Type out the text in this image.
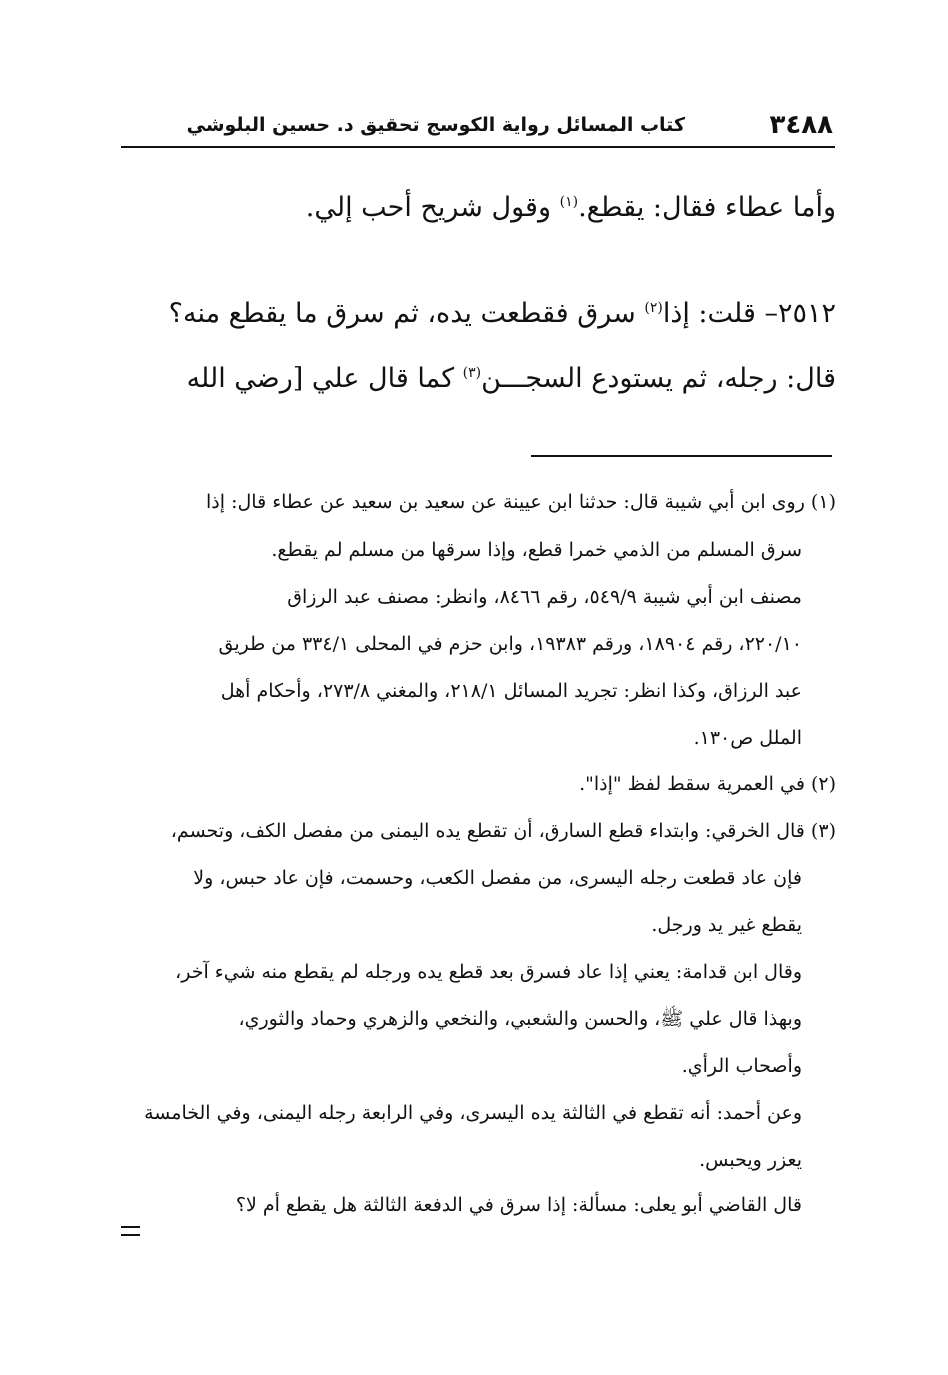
٣٤٨٨
كتاب المسائل رواية الكوسج تحقيق د. حسين البلوشي
وأما عطاء فقال: يقطع.$^{(١)}$ وقول شريح أحب إلي.
٢٥١٢– قلت: إذا$^{(٢)}$ سرق فقطعت يده، ثم سرق ما يقطع منه؟
قال: رجله، ثم يستودع السجـــن$^{(٣)}$ كما قال علي [رضي الله
(١) روى ابن أبي شيبة قال: حدثنا ابن عيينة عن سعيد بن سعيد عن عطاء قال: إذا
سرق المسلم من الذمي خمرا قطع، وإذا سرقها من مسلم لم يقطع.
مصنف ابن أبي شيبة ٥٤٩/٩، رقم ٨٤٦٦، وانظر: مصنف عبد الرزاق
٢٢٠/١٠، رقم ١٨٩٠٤، ورقم ١٩٣٨٣، وابن حزم في المحلى ٣٣٤/١ من طريق
عبد الرزاق، وكذا انظر: تجريد المسائل ٢١٨/١، والمغني ٢٧٣/٨، وأحكام أهل
الملل ص١٣٠.
(٢) في العمرية سقط لفظ "إذا".
(٣) قال الخرقي: وابتداء قطع السارق، أن تقطع يده اليمنى من مفصل الكف، وتحسم،
فإن عاد قطعت رجله اليسرى، من مفصل الكعب، وحسمت، فإن عاد حبس، ولا
يقطع غير يد ورجل.
وقال ابن قدامة: يعني إذا عاد فسرق بعد قطع يده ورجله لم يقطع منه شيء آخر،
وبهذا قال علي ﷺ، والحسن والشعبي، والنخعي والزهري وحماد والثوري،
وأصحاب الرأي.
وعن أحمد: أنه تقطع في الثالثة يده اليسرى، وفي الرابعة رجله اليمنى، وفي الخامسة
يعزر ويحبس.
قال القاضي أبو يعلى: مسألة: إذا سرق في الدفعة الثالثة هل يقطع أم لا؟
